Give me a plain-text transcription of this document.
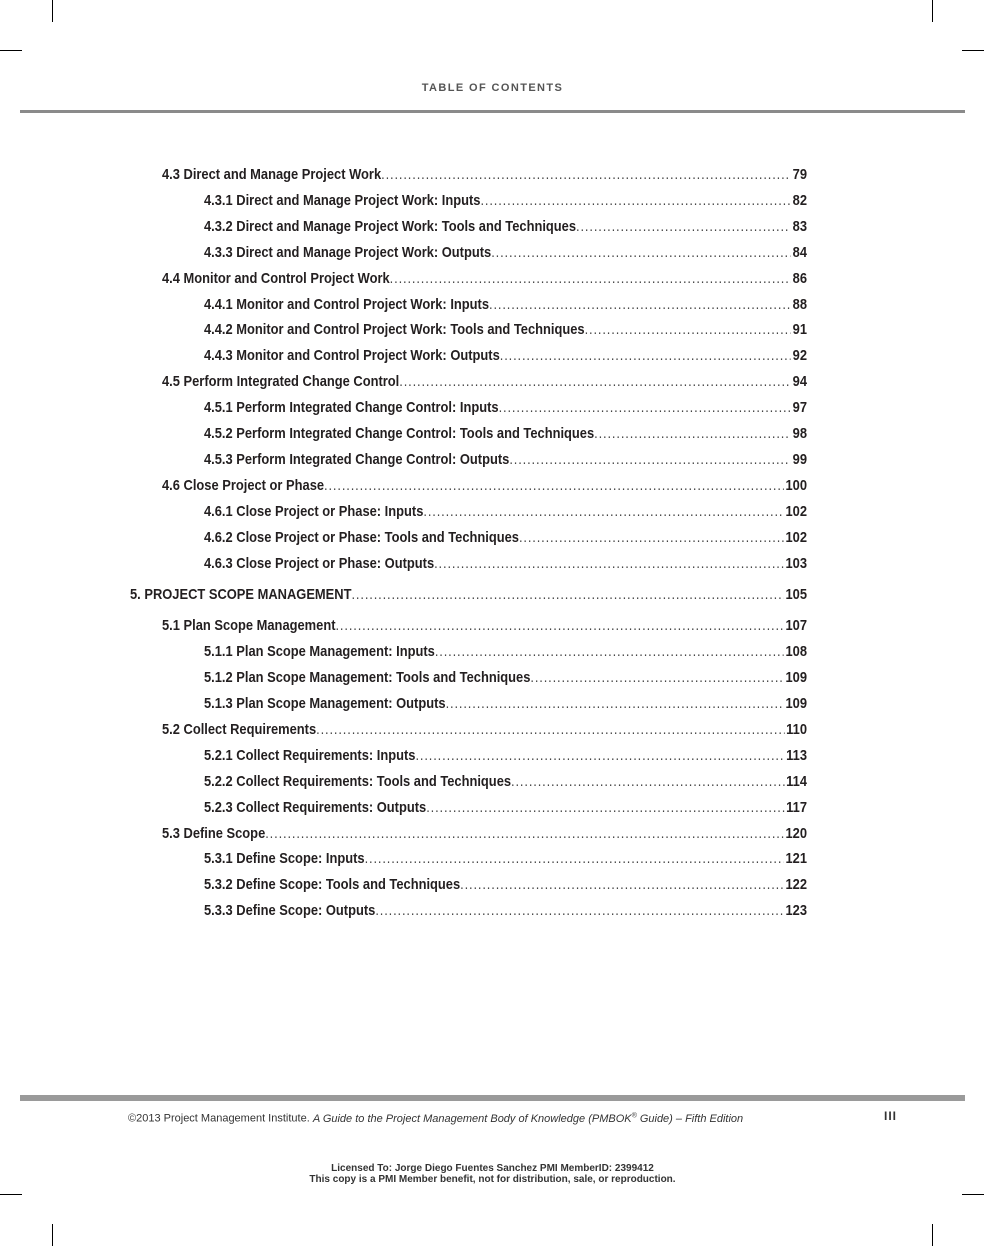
TABLE OF CONTENTS
4.3 Direct and Manage Project Work .....	79
4.3.1 Direct and Manage Project Work: Inputs .....	82
4.3.2 Direct and Manage Project Work: Tools and Techniques .....	83
4.3.3 Direct and Manage Project Work: Outputs .....	84
4.4 Monitor and Control Project Work .....	86
4.4.1 Monitor and Control Project Work: Inputs .....	88
4.4.2 Monitor and Control Project Work: Tools and Techniques .....	91
4.4.3 Monitor and Control Project Work: Outputs .....	92
4.5 Perform Integrated Change Control .....	94
4.5.1 Perform Integrated Change Control: Inputs .....	97
4.5.2 Perform Integrated Change Control: Tools and Techniques .....	98
4.5.3 Perform Integrated Change Control: Outputs .....	99
4.6 Close Project or Phase .....	100
4.6.1 Close Project or Phase: Inputs .....	102
4.6.2 Close Project or Phase: Tools and Techniques .....	102
4.6.3 Close Project or Phase: Outputs .....	103
5. PROJECT SCOPE MANAGEMENT .....	105
5.1 Plan Scope Management .....	107
5.1.1 Plan Scope Management: Inputs .....	108
5.1.2 Plan Scope Management: Tools and Techniques .....	109
5.1.3 Plan Scope Management: Outputs .....	109
5.2 Collect Requirements .....	110
5.2.1 Collect Requirements: Inputs .....	113
5.2.2 Collect Requirements: Tools and Techniques .....	114
5.2.3 Collect Requirements: Outputs .....	117
5.3 Define Scope .....	120
5.3.1 Define Scope: Inputs .....	121
5.3.2 Define Scope: Tools and Techniques .....	122
5.3.3 Define Scope: Outputs .....	123
©2013 Project Management Institute. A Guide to the Project Management Body of Knowledge (PMBOK® Guide) – Fifth Edition	III
Licensed To: Jorge Diego Fuentes Sanchez PMI MemberID: 2399412
This copy is a PMI Member benefit, not for distribution, sale, or reproduction.
